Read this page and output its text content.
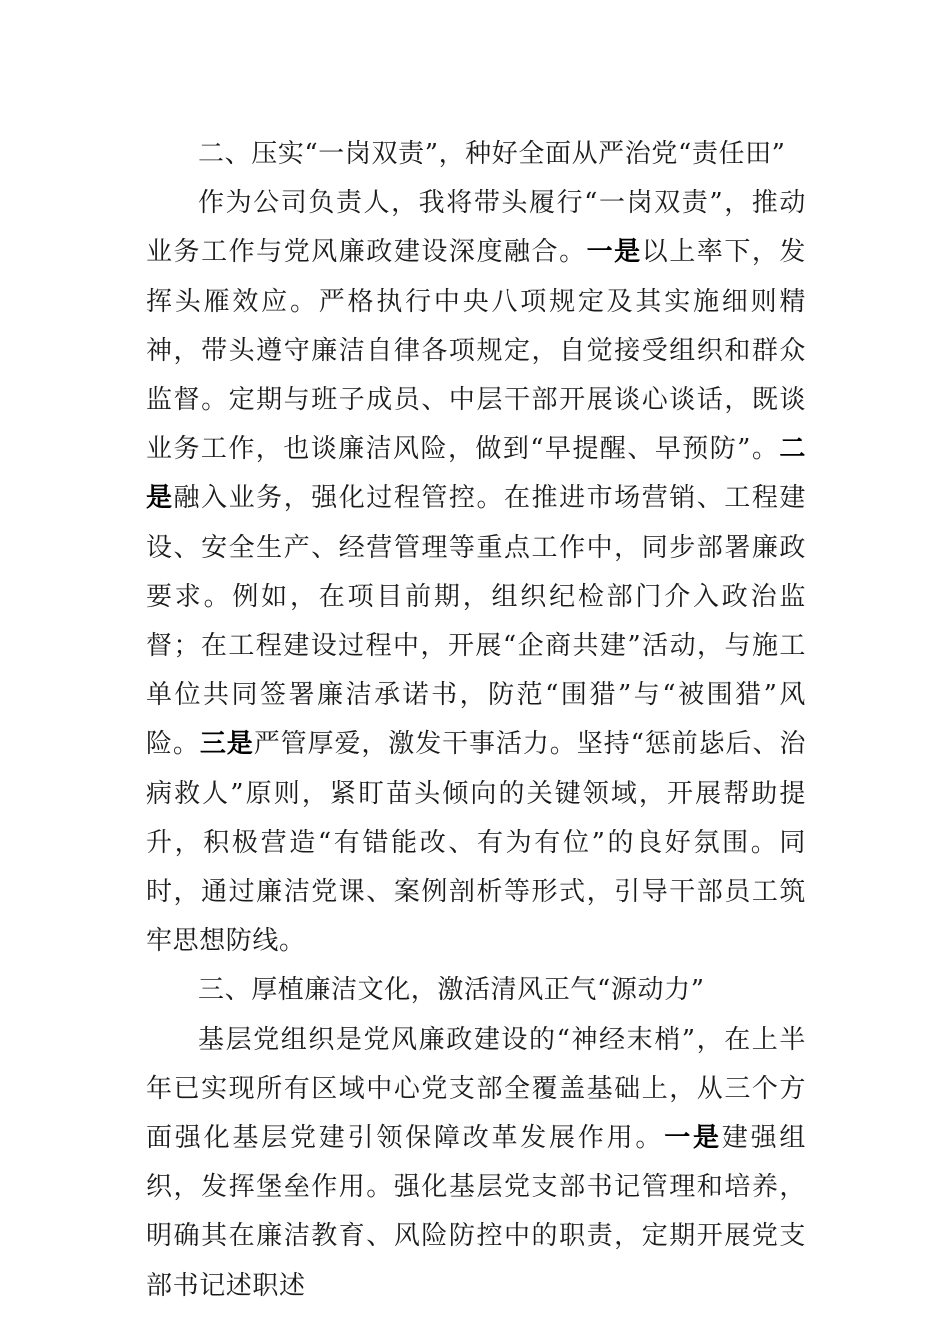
二、压实“一岗双责”，种好全面从严治党“责任田”

作为公司负责人，我将带头履行“一岗双责”，推动业务工作与党风廉政建设深度融合。一是以上率下，发挥头雁效应。严格执行中央八项规定及其实施细则精神，带头遵守廉洁自律各项规定，自觉接受组织和群众监督。定期与班子成员、中层干部开展谈心谈话，既谈业务工作，也谈廉洁风险，做到“早提醒、早预防”。二是融入业务，强化过程管控。在推进市场营销、工程建设、安全生产、经营管理等重点工作中，同步部署廉政要求。例如，在项目前期，组织纪检部门介入政治监督；在工程建设过程中，开展“企商共建”活动，与施工单位共同签署廉洁承诺书，防范“围猎”与“被围猎”风险。三是严管厚爱，激发干事活力。坚持“惩前毖后、治病救人”原则，紧盯苗头倾向的关键领域，开展帮助提升，积极营造“有错能改、有为有位”的良好氛围。同时，通过廉洁党课、案例剖析等形式，引导干部员工筑牢思想防线。

三、厚植廉洁文化，激活清风正气“源动力”

基层党组织是党风廉政建设的“神经末梢”，在上半年已实现所有区域中心党支部全覆盖基础上，从三个方面强化基层党建引领保障改革发展作用。一是建强组织，发挥堡垒作用。强化基层党支部书记管理和培养，明确其在廉洁教育、风险防控中的职责，定期开展党支部书记述职述
